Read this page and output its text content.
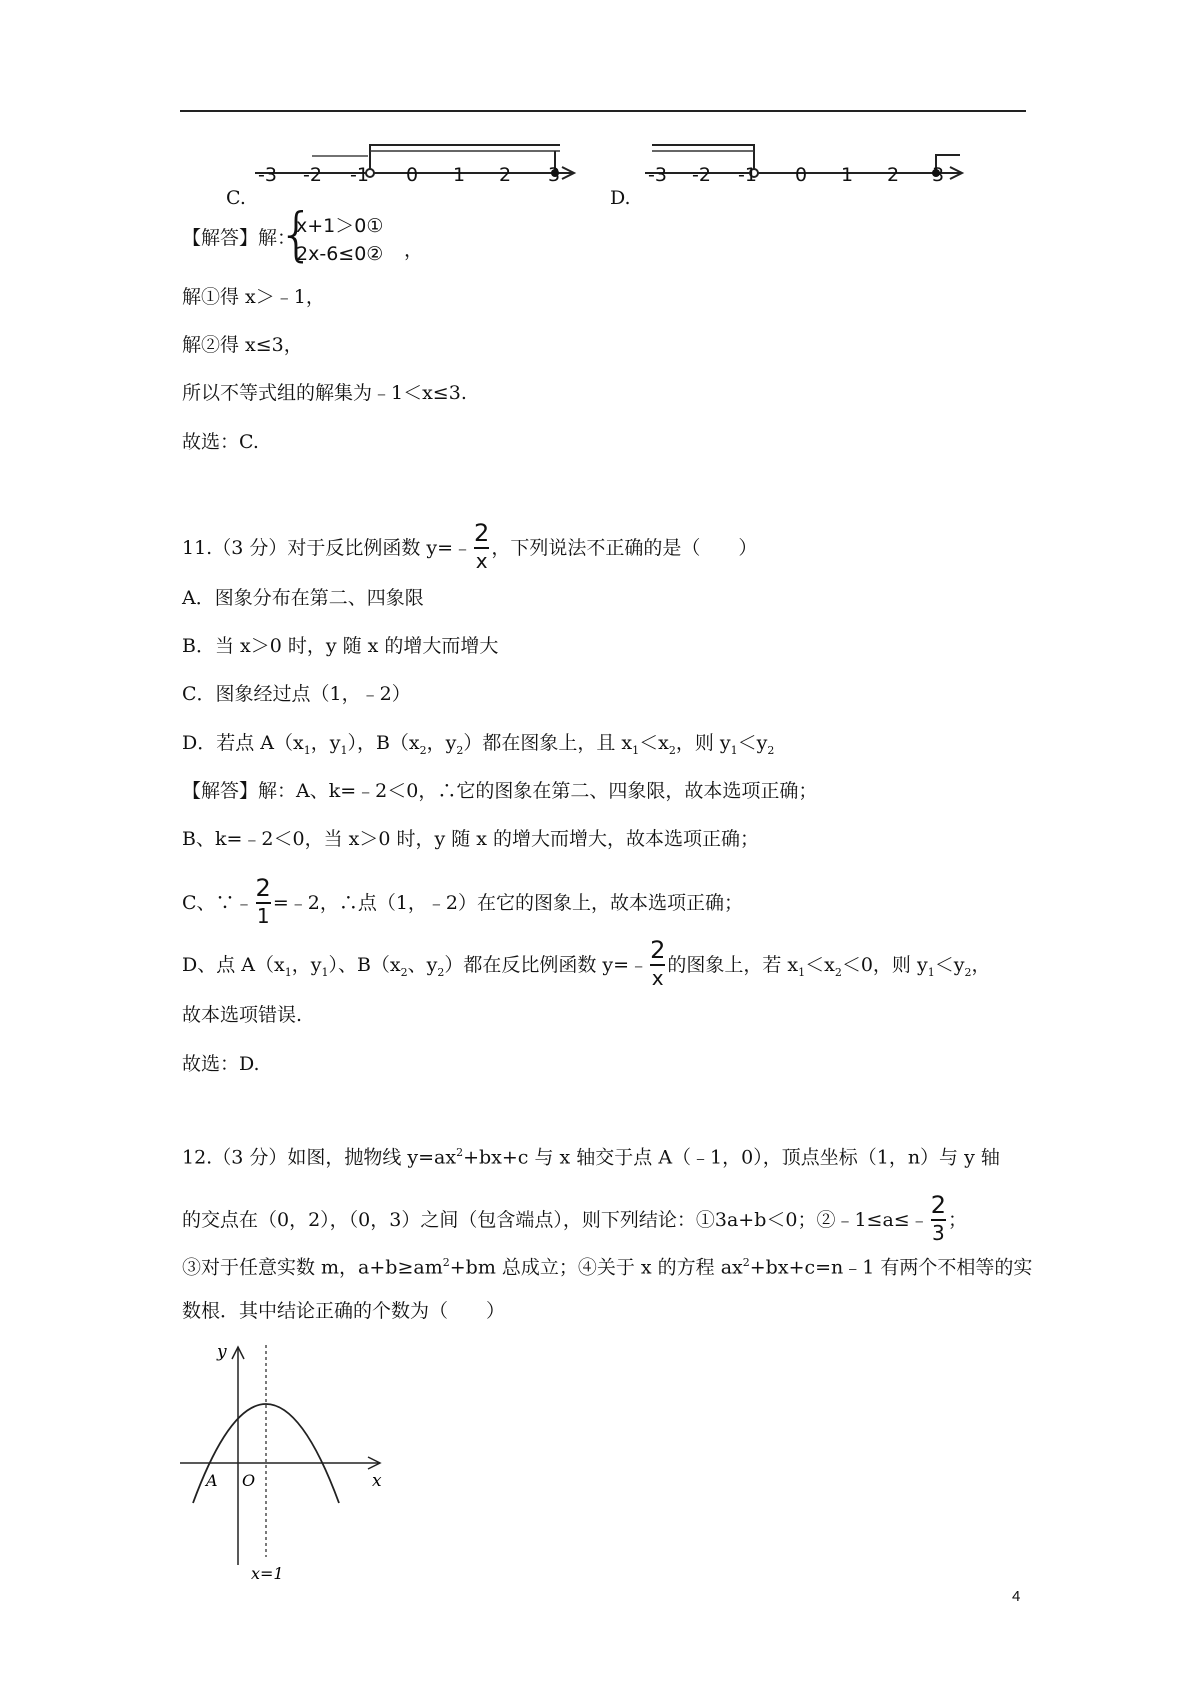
C.
-3 -2 -1 0 1 2 3
D.
-3 -2 -1 0 1 2 3
【解答】解：
{
x+1＞0①
2x-6≤0② ，
解①得 x＞﹣1，
解②得 x≤3，
所以不等式组的解集为﹣1＜x≤3.
故选：C.
11.（3 分）对于反比例函数 y=﹣ $\frac{2}{x}$ ，下列说法不正确的是（　　）
A．图象分布在第二、四象限
B．当 x＞0 时，y 随 x 的增大而增大
C．图象经过点（1，﹣2）
D．若点 $A(x_1$，$y_1$），$B(x_2$，$y_2$）都在图象上，且 $x_1<x_2$，则 $y_1<y_2$
【解答】解：A、k=﹣2＜0，∴它的图象在第二、四象限，故本选项正确；
B、k=﹣2＜0，当 x＞0 时，y 随 x 的增大而增大，故本选项正确；
C、∵﹣ $\frac{2}{1}$ =﹣2，∴点（1，﹣2）在它的图象上，故本选项正确；
D、点 $A(x_1$，$y_1$）、$B(x_2$、$y_2$）都在反比例函数 y=﹣ $\frac{2}{x}$ 的图象上，若 $x_1<x_2<0$，则 $y_1<y_2$，
故本选项错误.
故选：D.
12.（3 分）如图，抛物线 $y=ax^2+bx+c$ 与 x 轴交于点 A（﹣1，0），顶点坐标（1，n）与 y 轴
的交点在（0，2），（0，3）之间（包含端点），则下列结论：①3a+b＜0；②﹣1≤a≤﹣ $\frac{2}{3}$ ；
③对于任意实数 m，$a+b\ge am^2+bm$ 总成立；④关于 x 的方程 $ax^2+bx+c=n﹣1$ 有两个不相等的实
数根．其中结论正确的个数为（　　）
y
x
A O
x=1
4
